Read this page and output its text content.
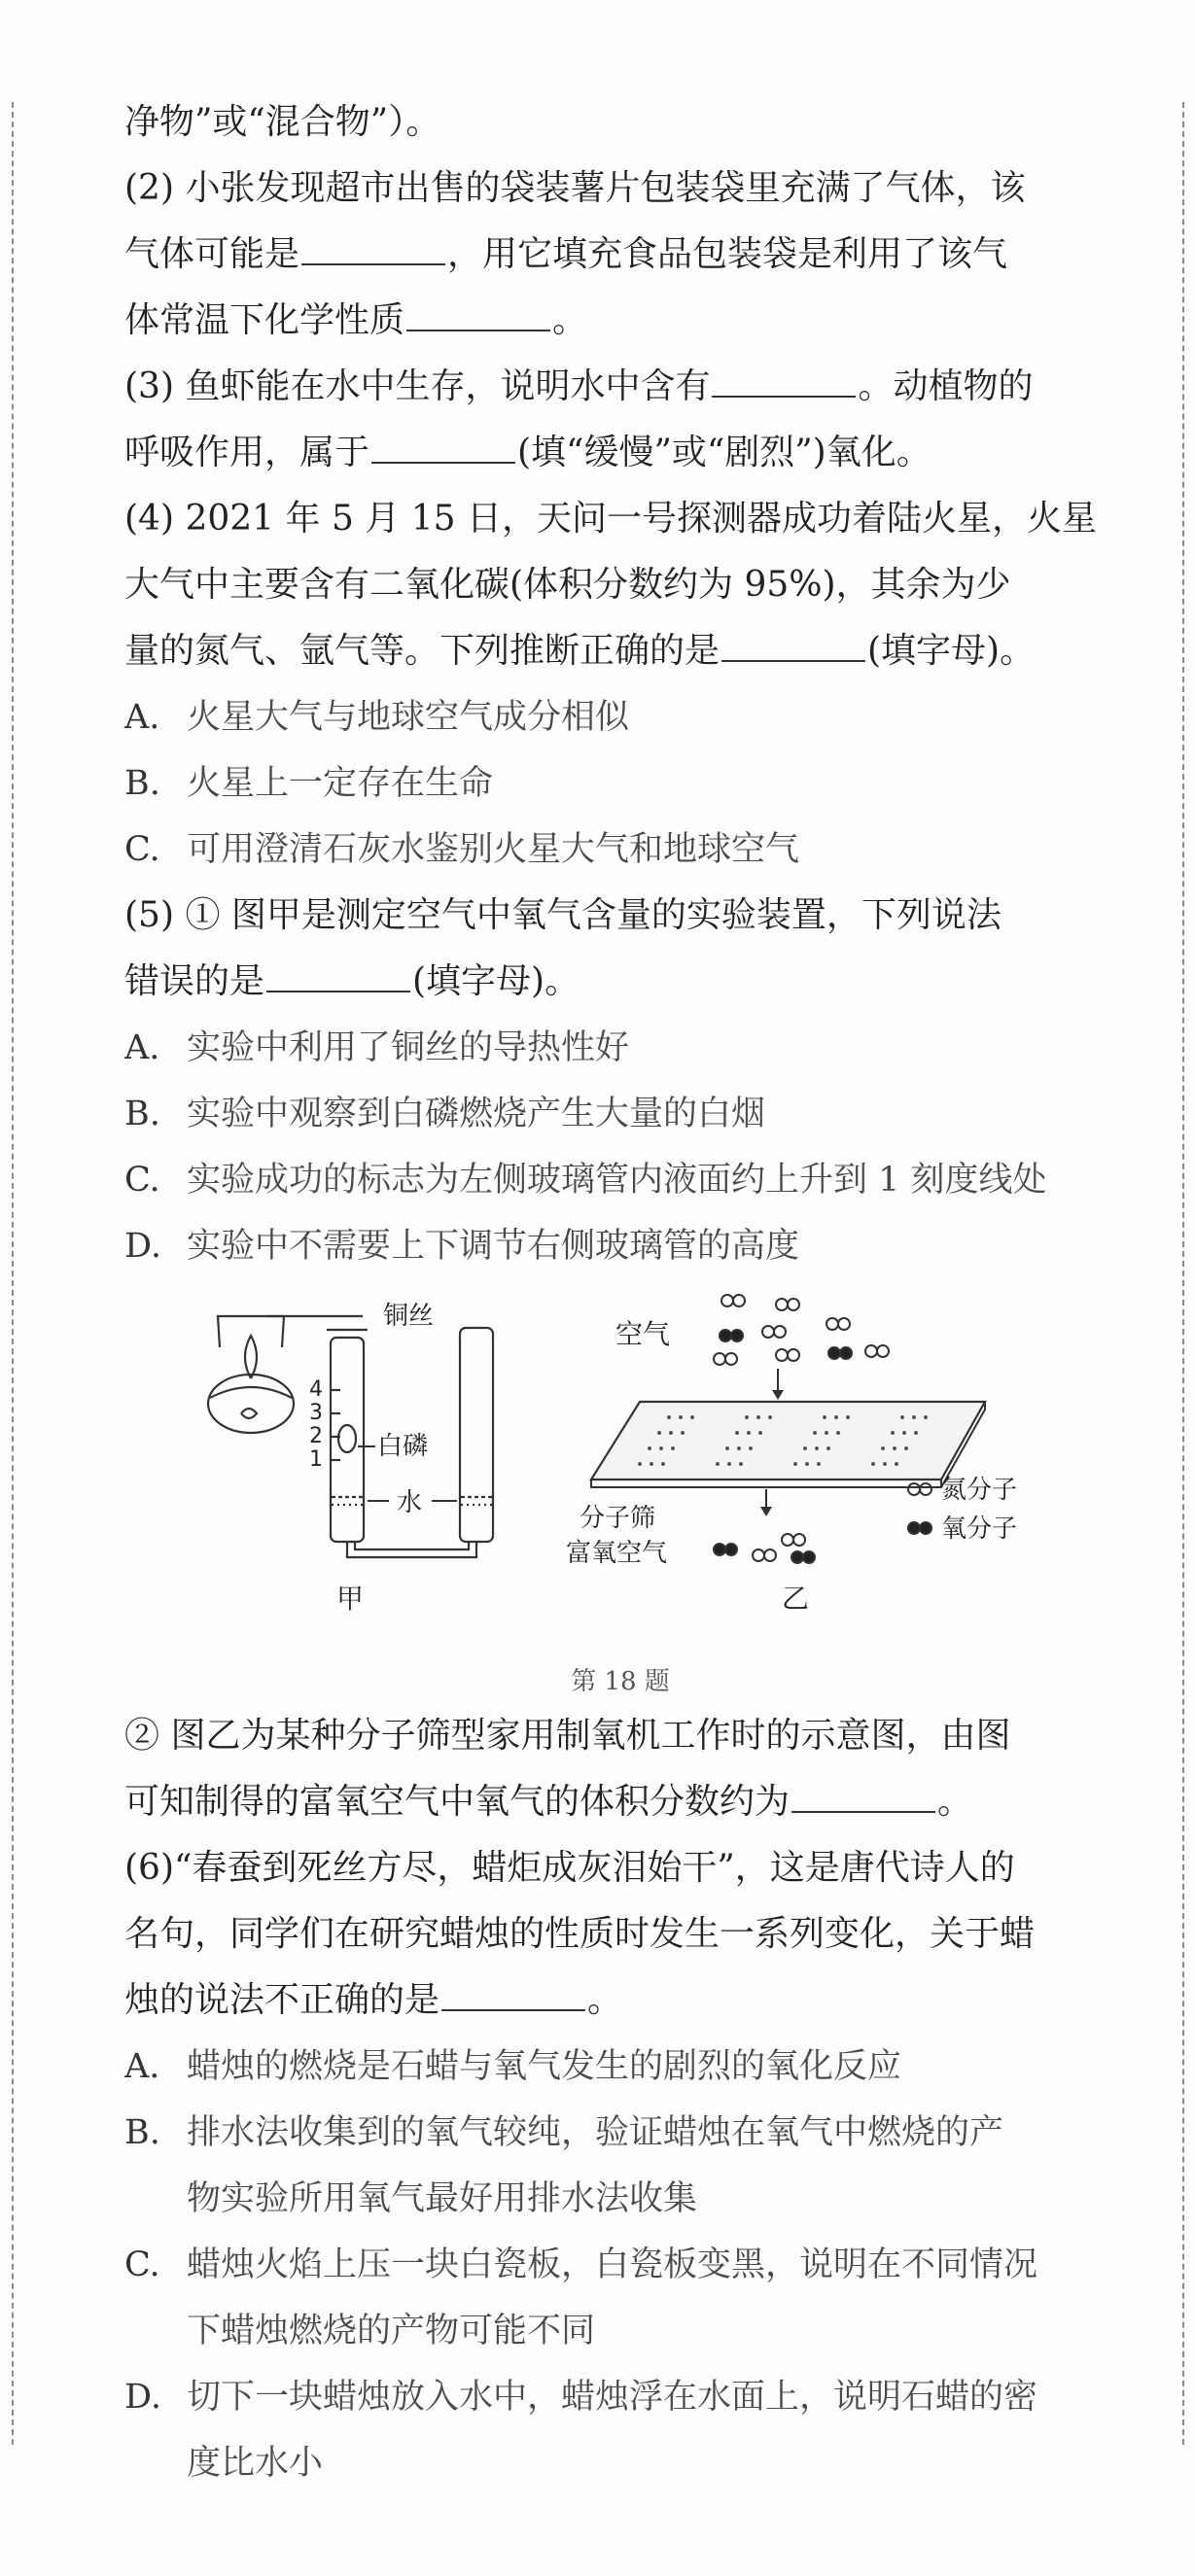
净物”或“混合物”）。
(2) 小张发现超市出售的袋装薯片包装袋里充满了气体，该
气体可能是	，用它填充食品包装袋是利用了该气
体常温下化学性质	。
(3) 鱼虾能在水中生存，说明水中含有	。动植物的
呼吸作用，属于	(填“缓慢”或“剧烈”)氧化。
(4) 2021 年 5 月 15 日，天问一号探测器成功着陆火星，火星
大气中主要含有二氧化碳(体积分数约为 95%)，其余为少
量的氮气、氩气等。下列推断正确的是	(填字母)。
A. 火星大气与地球空气成分相似
B. 火星上一定存在生命
C. 可用澄清石灰水鉴别火星大气和地球空气
(5) ① 图甲是测定空气中氧气含量的实验装置，下列说法
错误的是	(填字母)。
A. 实验中利用了铜丝的导热性好
B. 实验中观察到白磷燃烧产生大量的白烟
C. 实验成功的标志为左侧玻璃管内液面约上升到 1 刻度线处
D. 实验中不需要上下调节右侧玻璃管的高度
铜丝
4
3
2
1 白磷
水
甲
空气
分子筛
富氧空气
氮分子
氧分子
乙
第 18 题
② 图乙为某种分子筛型家用制氧机工作时的示意图，由图
可知制得的富氧空气中氧气的体积分数约为	。
(6)“春蚕到死丝方尽，蜡炬成灰泪始干”，这是唐代诗人的
名句，同学们在研究蜡烛的性质时发生一系列变化，关于蜡
烛的说法不正确的是	。
A. 蜡烛的燃烧是石蜡与氧气发生的剧烈的氧化反应
B. 排水法收集到的氧气较纯，验证蜡烛在氧气中燃烧的产
物实验所用氧气最好用排水法收集
C. 蜡烛火焰上压一块白瓷板，白瓷板变黑，说明在不同情况
下蜡烛燃烧的产物可能不同
D. 切下一块蜡烛放入水中，蜡烛浮在水面上，说明石蜡的密
度比水小
